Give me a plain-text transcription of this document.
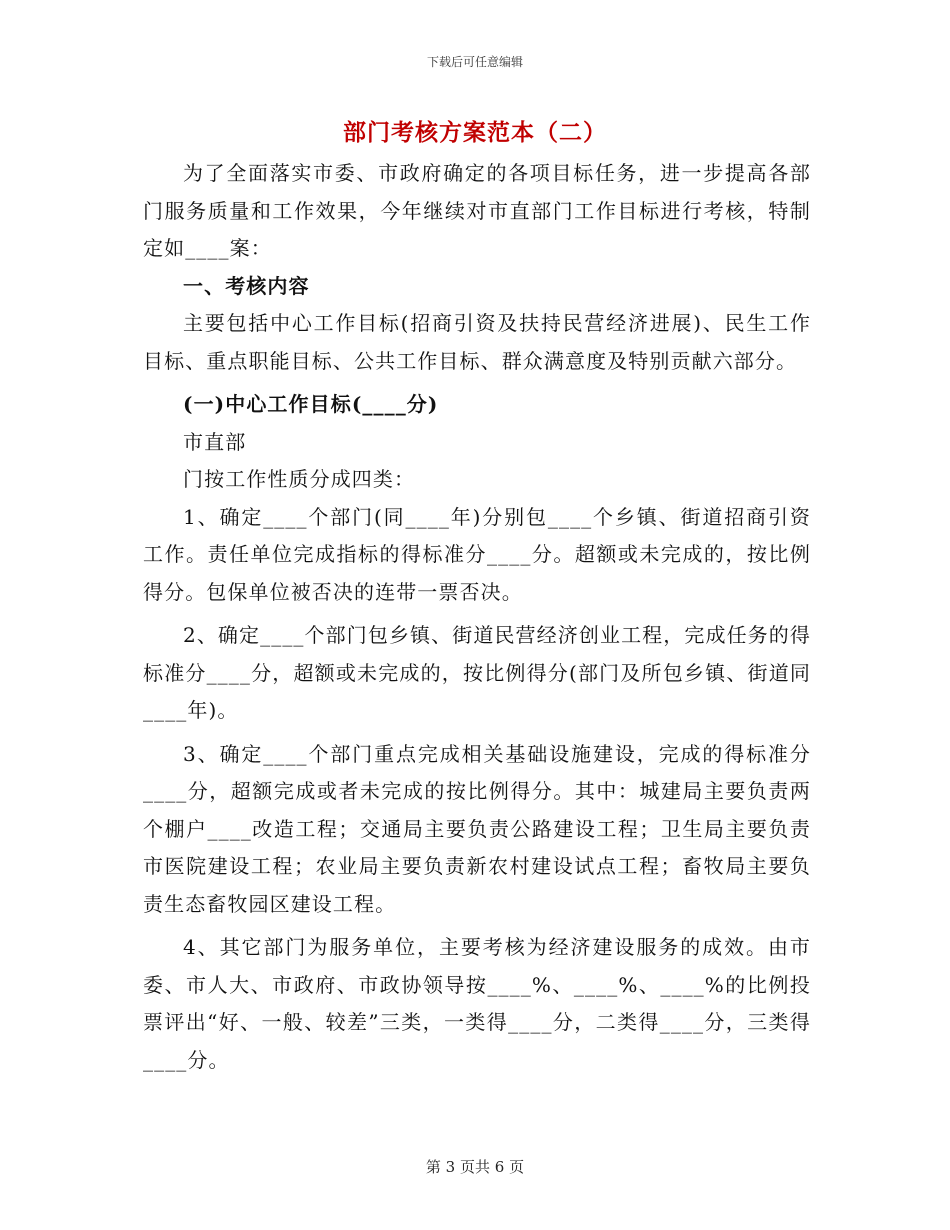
下载后可任意编辑
部门考核方案范本（二）

为了全面落实市委、市政府确定的各项目标任务，进一步提高各部门服务质量和工作效果，今年继续对市直部门工作目标进行考核，特制定如____案：

一、考核内容

主要包括中心工作目标(招商引资及扶持民营经济进展)、民生工作目标、重点职能目标、公共工作目标、群众满意度及特别贡献六部分。

(一)中心工作目标(____分)

市直部

门按工作性质分成四类：

1、确定____个部门(同____年)分别包____个乡镇、街道招商引资工作。责任单位完成指标的得标准分____分。超额或未完成的，按比例得分。包保单位被否决的连带一票否决。

2、确定____个部门包乡镇、街道民营经济创业工程，完成任务的得标准分____分，超额或未完成的，按比例得分(部门及所包乡镇、街道同____年)。

3、确定____个部门重点完成相关基础设施建设，完成的得标准分____分，超额完成或者未完成的按比例得分。其中：城建局主要负责两个棚户____改造工程；交通局主要负责公路建设工程；卫生局主要负责市医院建设工程；农业局主要负责新农村建设试点工程；畜牧局主要负责生态畜牧园区建设工程。

4、其它部门为服务单位，主要考核为经济建设服务的成效。由市委、市人大、市政府、市政协领导按____%、____%、____%的比例投票评出“好、一般、较差”三类，一类得____分，二类得____分，三类得____分。

第 3 页共 6 页
